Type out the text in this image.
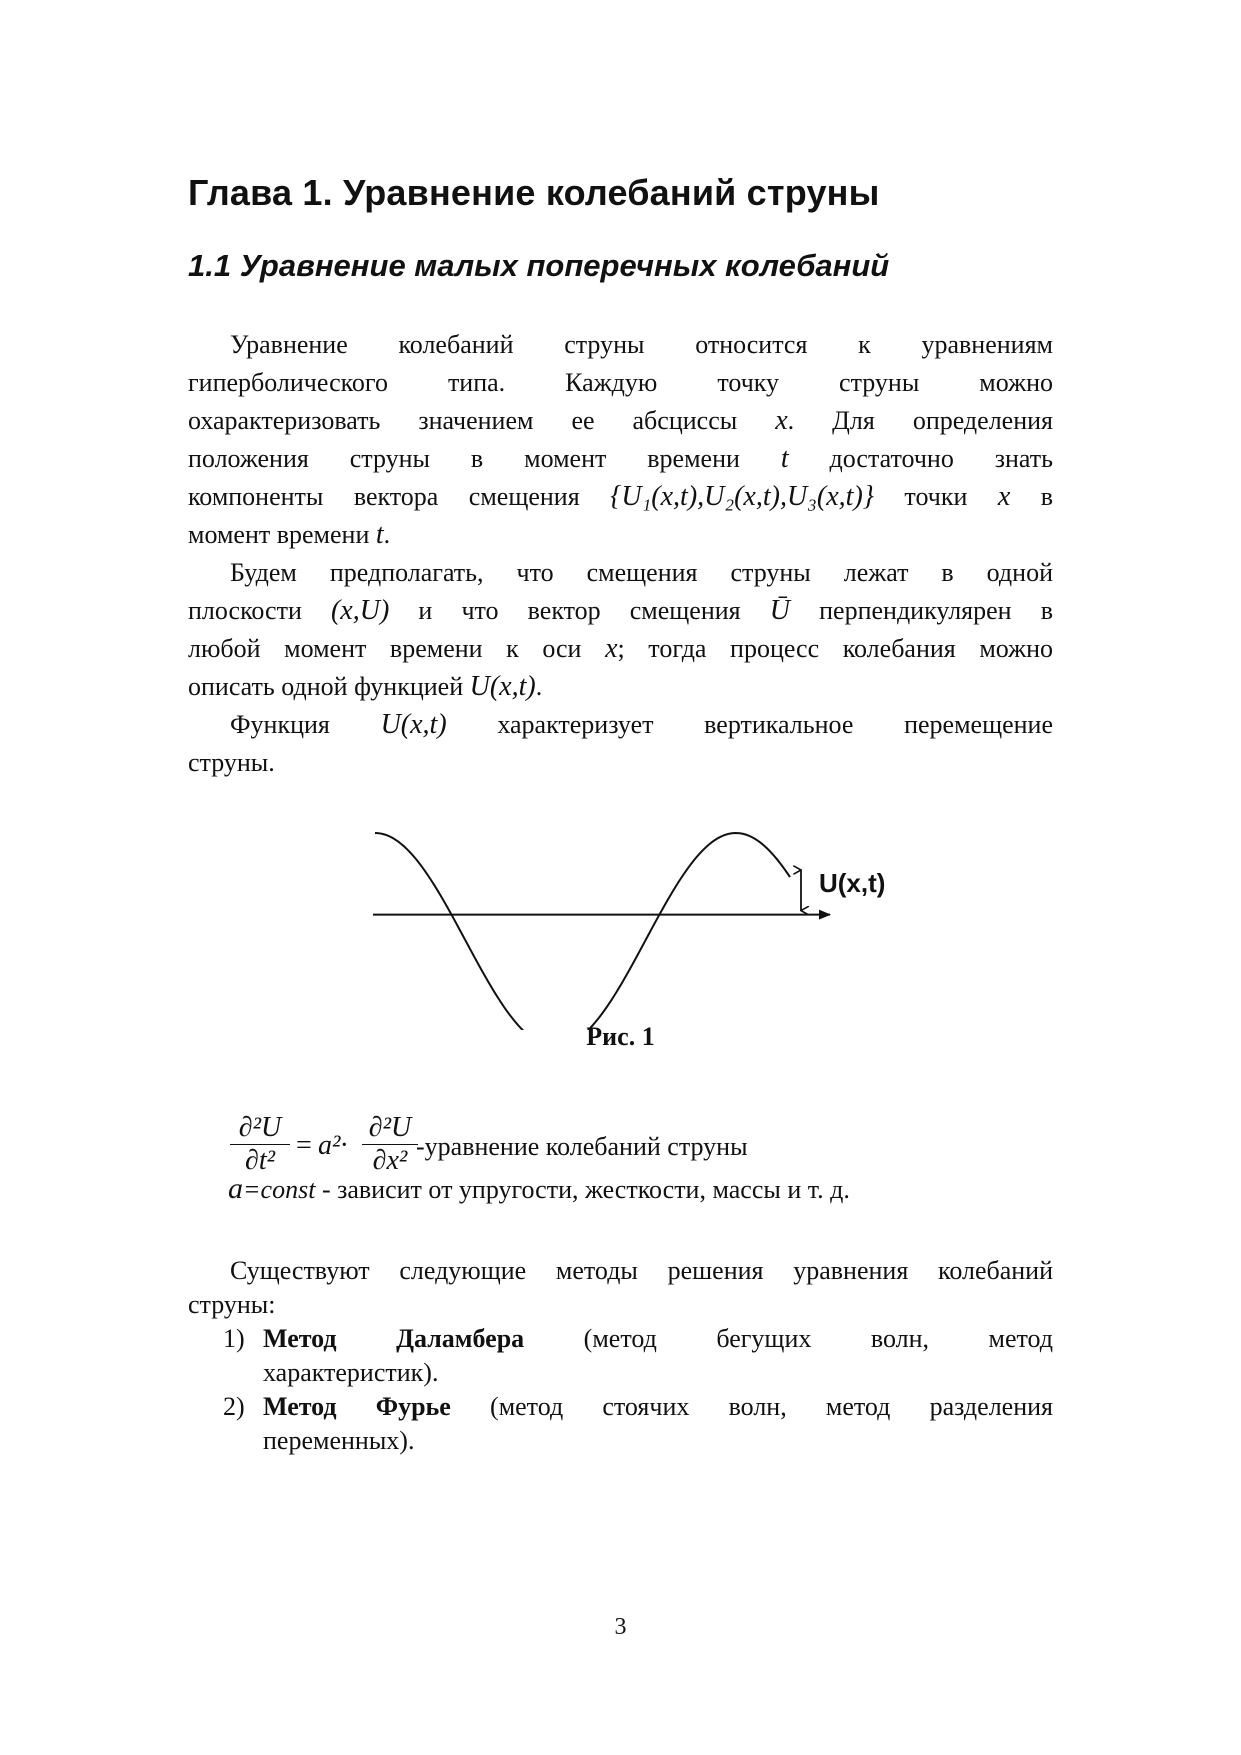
Глава 1. Уравнение колебаний струны
1.1 Уравнение малых поперечных колебаний
Уравнение колебаний струны относится к уравнениям
гиперболического типа. Каждую точку струны можно
охарактеризовать значением ее абсциссы x. Для определения
положения струны в момент времени t достаточно знать
компоненты вектора смещения {U₁(x,t),U₂(x,t),U₃(x,t)} точки x в
момент времени t.
Будем предполагать, что смещения струны лежат в одной
плоскости (x,U) и что вектор смещения Ū перпендикулярен в
любой момент времени к оси x; тогда процесс колебания можно
описать одной функцией U(x,t).
Функция U(x,t) характеризует вертикальное перемещение
струны.
U(x,t)
Рис. 1
∂²U
∂t² = a²·
∂²U
∂x² -уравнение колебаний струны
a=const - зависит от упругости, жесткости, массы и т. д.
Существуют следующие методы решения уравнения колебаний
струны:
1) Метод Даламбера (метод бегущих волн, метод
характеристик).
2) Метод Фурье (метод стоячих волн, метод разделения
переменных).
3
